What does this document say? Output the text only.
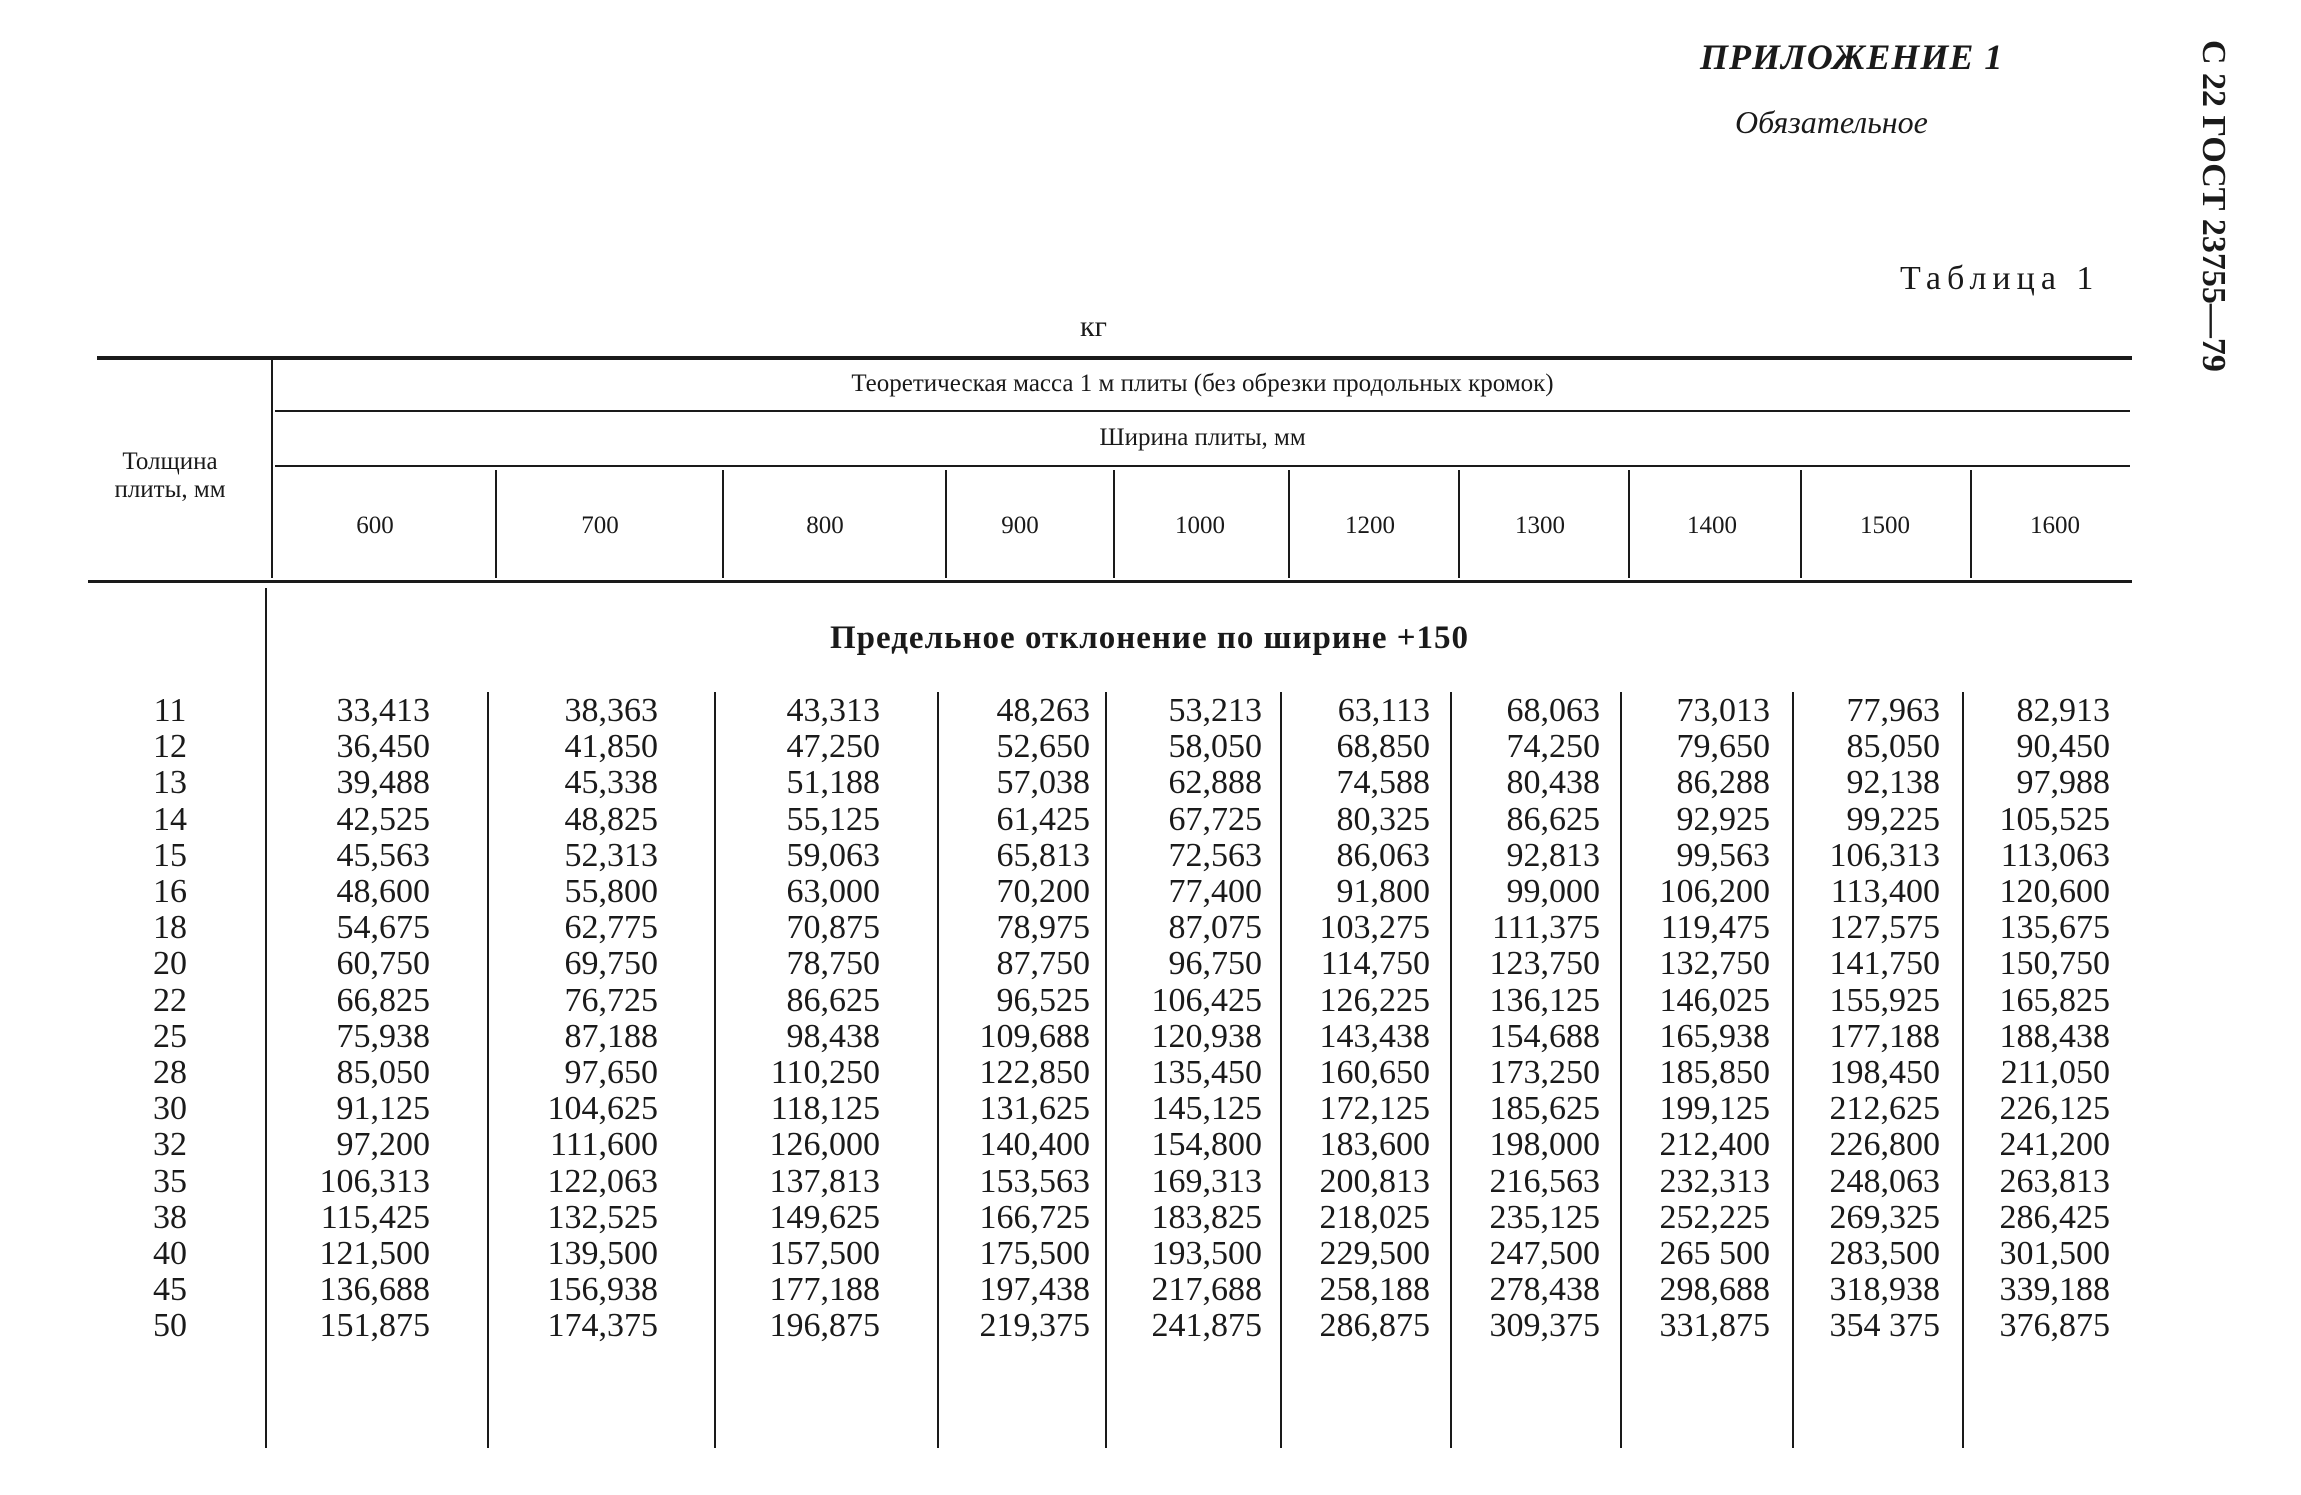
ПРИЛОЖЕНИЕ 1
Обязательное
Таблица 1	С 22 ГОСТ 23755—79
кг
Толщина
плиты, мм
Теоретическая масса 1 м плиты (без обрезки продольных кромок)
Ширина плиты, мм
600	700	800	900	1000	1200	1300	1400	1500	1600
Предельное отклонение по ширине +150
11	33,413	38,363	43,313	48,263 53,213 63,113 68,063 73,013 77,963 82,913
12	36,450	41,850	47,250	52,650 58,050 68,850 74,250 79,650 85,050 90,450
13	39,488	45,338	51,188	57,038 62,888 74,588 80,438 86,288 92,138 97,988
14	42,525	48,825	55,125	61,425 67,725 80,325 86,625 92,925 99,225 105,525
15	45,563	52,313	59,063	65,813 72,563 86,063 92,813 99,563 106,313 113,063
16	48,600	55,800	63,000	70,200 77,400 91,800 99,000 106,200 113,400 120,600
18	54,675	62,775	70,875	78,975 87,075 103,275 111,375 119,475 127,575 135,675
20	60,750	69,750	78,750	87,750 96,750 114,750 123,750 132,750 141,750 150,750
22	66,825	76,725	86,625	96,525 106,425 126,225 136,125 146,025 155,925 165,825
25	75,938	87,188	98,438	109,688 120,938 143,438 154,688 165,938 177,188 188,438
28	85,050	97,650	110,250	122,850 135,450 160,650 173,250 185,850 198,450 211,050
30	91,125	104,625	118,125	131,625 145,125 172,125 185,625 199,125 212,625 226,125
32	97,200	111,600	126,000	140,400 154,800 183,600 198,000 212,400 226,800 241,200
35	106,313	122,063	137,813	153,563 169,313 200,813 216,563 232,313 248,063 263,813
38	115,425	132,525	149,625	166,725 183,825 218,025 235,125 252,225 269,325 286,425
40	121,500	139,500	157,500	175,500 193,500 229,500 247,500 265 500 283,500 301,500
45	136,688	156,938	177,188	197,438 217,688 258,188 278,438 298,688 318,938 339,188
50	151,875	174,375	196,875	219,375 241,875 286,875 309,375 331,875 354 375 376,875
